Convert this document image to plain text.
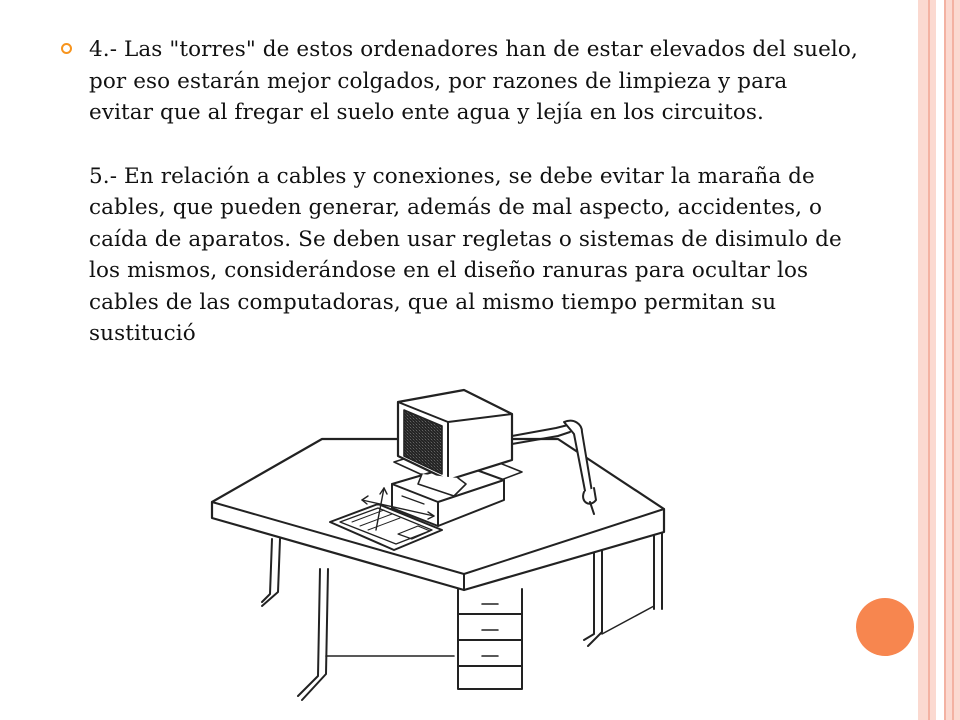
4.- Las "torres" de estos ordenadores han de estar elevados del suelo, por eso estarán mejor colgados, por razones de limpieza y para evitar que al fregar el suelo ente agua y lejía en los circuitos.

5.- En relación a cables y conexiones, se debe evitar la maraña de cables, que pueden generar, además de mal aspecto, accidentes, o caída de aparatos. Se deben usar regletas o sistemas de disimulo de los mismos, considerándose en el diseño ranuras para ocultar los cables de las computadoras, que al mismo tiempo permitan su sustitució
